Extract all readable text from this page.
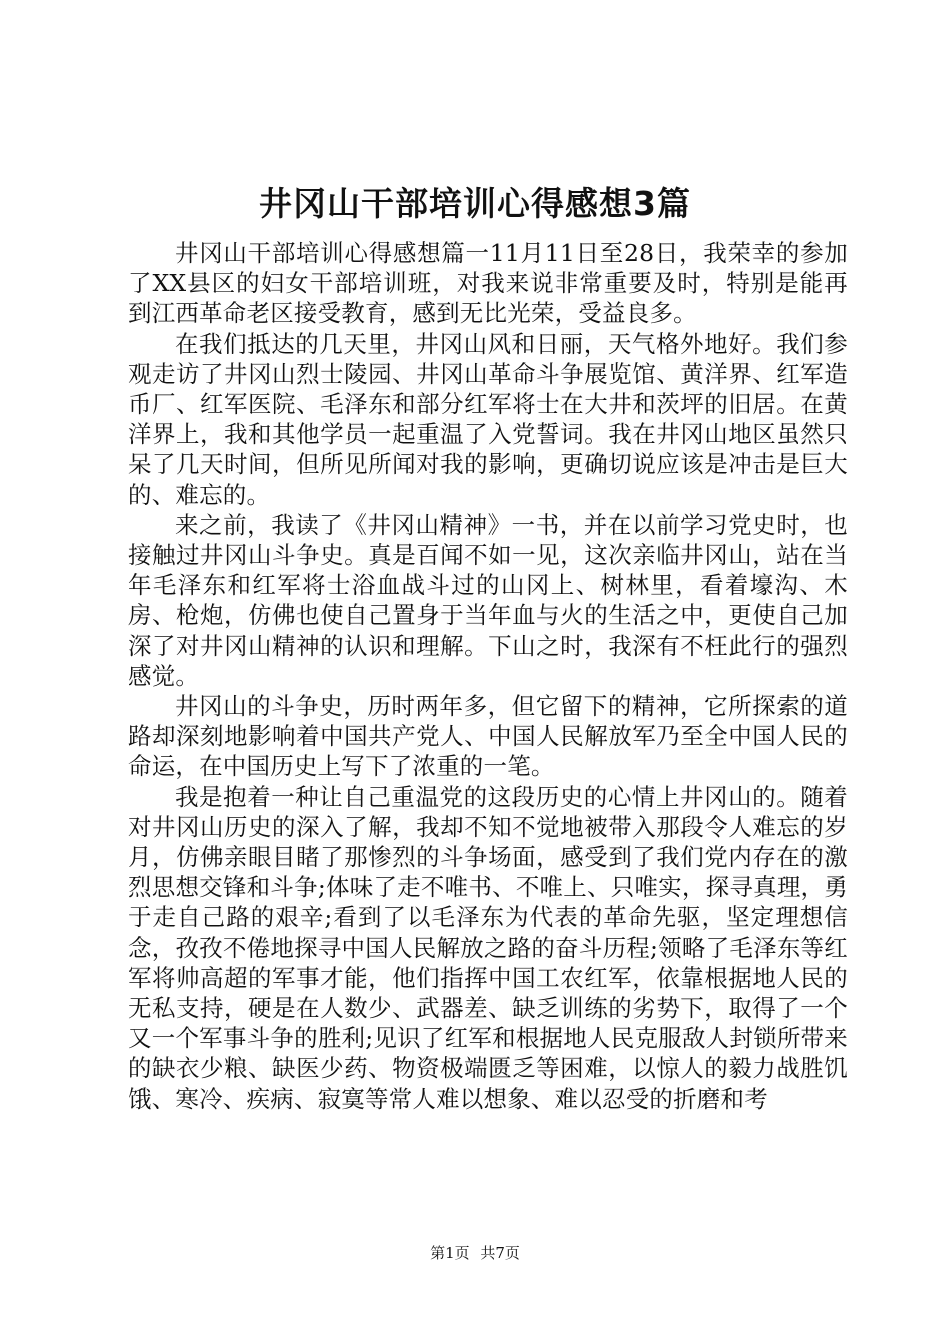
井冈山干部培训心得感想3篇

井冈山干部培训心得感想篇一11月11日至28日，我荣幸的参加了XX县区的妇女干部培训班，对我来说非常重要及时，特别是能再到江西革命老区接受教育，感到无比光荣，受益良多。

在我们抵达的几天里，井冈山风和日丽，天气格外地好。我们参观走访了井冈山烈士陵园、井冈山革命斗争展览馆、黄洋界、红军造币厂、红军医院、毛泽东和部分红军将士在大井和茨坪的旧居。在黄洋界上，我和其他学员一起重温了入党誓词。我在井冈山地区虽然只呆了几天时间，但所见所闻对我的影响，更确切说应该是冲击是巨大的、难忘的。

来之前，我读了《井冈山精神》一书，并在以前学习党史时，也接触过井冈山斗争史。真是百闻不如一见，这次亲临井冈山，站在当年毛泽东和红军将士浴血战斗过的山冈上、树林里，看着壕沟、木房、枪炮，仿佛也使自己置身于当年血与火的生活之中，更使自己加深了对井冈山精神的认识和理解。下山之时，我深有不枉此行的强烈感觉。

井冈山的斗争史，历时两年多，但它留下的精神，它所探索的道路却深刻地影响着中国共产党人、中国人民解放军乃至全中国人民的命运，在中国历史上写下了浓重的一笔。

我是抱着一种让自己重温党的这段历史的心情上井冈山的。随着对井冈山历史的深入了解，我却不知不觉地被带入那段令人难忘的岁月，仿佛亲眼目睹了那惨烈的斗争场面，感受到了我们党内存在的激烈思想交锋和斗争;体味了走不唯书、不唯上、只唯实，探寻真理，勇于走自己路的艰辛;看到了以毛泽东为代表的革命先驱，坚定理想信念，孜孜不倦地探寻中国人民解放之路的奋斗历程;领略了毛泽东等红军将帅高超的军事才能，他们指挥中国工农红军，依靠根据地人民的无私支持，硬是在人数少、武器差、缺乏训练的劣势下，取得了一个又一个军事斗争的胜利;见识了红军和根据地人民克服敌人封锁所带来的缺衣少粮、缺医少药、物资极端匮乏等困难，以惊人的毅力战胜饥饿、寒冷、疾病、寂寞等常人难以想象、难以忍受的折磨和考

第1页 共7页
